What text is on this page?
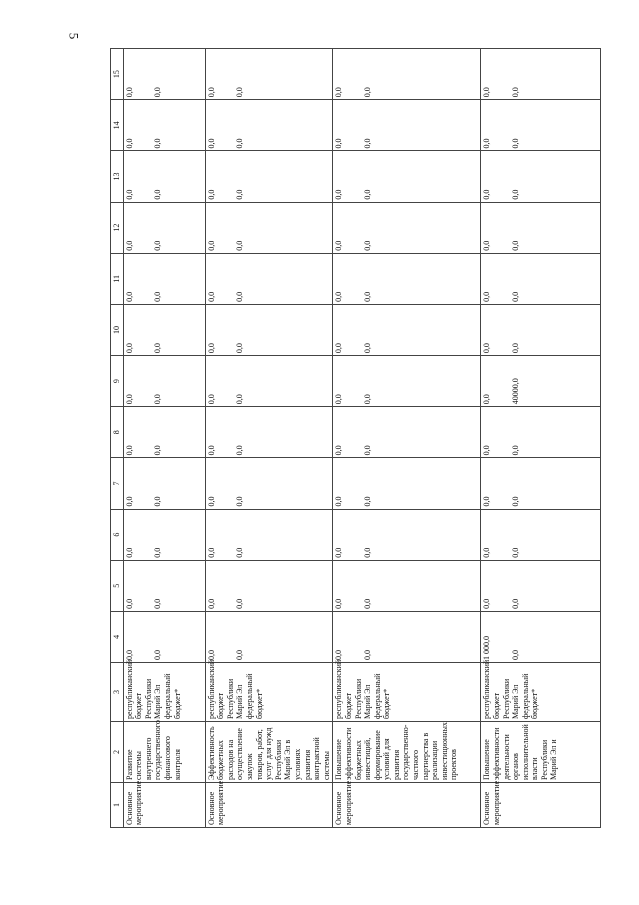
5
1	2	3	4	5	6	7	8	9	10	11	12	13	14	15
Основное мероприятие	Развитие системы внутреннего государственного финансового контроля	республиканский бюджет Республики Марий Эл федеральный бюджет*	0,0 0,0	0,0 0,0	0,0 0,0	0,0 0,0	0,0 0,0	0,0 0,0	0,0 0,0	0,0 0,0	0,0 0,0	0,0 0,0	0,0 0,0	0,0 0,0

Основное мероприятие	Эффективность бюджетных расходов на осуществление закупок товаров, работ, услуг для нужд Республики Марий Эл в условиях развития контрактной системы	республиканский бюджет Республики Марий Эл федеральный бюджет*	0,0 0,0	0,0 0,0	0,0 0,0	0,0 0,0	0,0 0,0	0,0 0,0	0,0 0,0	0,0 0,0	0,0 0,0	0,0 0,0	0,0 0,0	0,0 0,0

Основное мероприятие	Повышение эффективности бюджетных инвестиций, формирование условий для развития государственно-частного партнерства в реализации инвестиционных проектов	республиканский бюджет Республики Марий Эл федеральный бюджет*	0,0 0,0	0,0 0,0	0,0 0,0	0,0 0,0	0,0 0,0	0,0 0,0	0,0 0,0	0,0 0,0	0,0 0,0	0,0 0,0	0,0 0,0	0,0 0,0

Основное мероприятие	Повышение эффективности деятельности органов исполнительной власти Республики Марий Эл и	республиканский бюджет Республики Марий Эл федеральный бюджет*	1 000,0 0,0	0,0 0,0	0,0 0,0	0,0 0,0	0,0 0,0	0,0 40000,0	0,0 0,0	0,0 0,0	0,0 0,0	0,0 0,0	0,0 0,0	0,0 0,0
